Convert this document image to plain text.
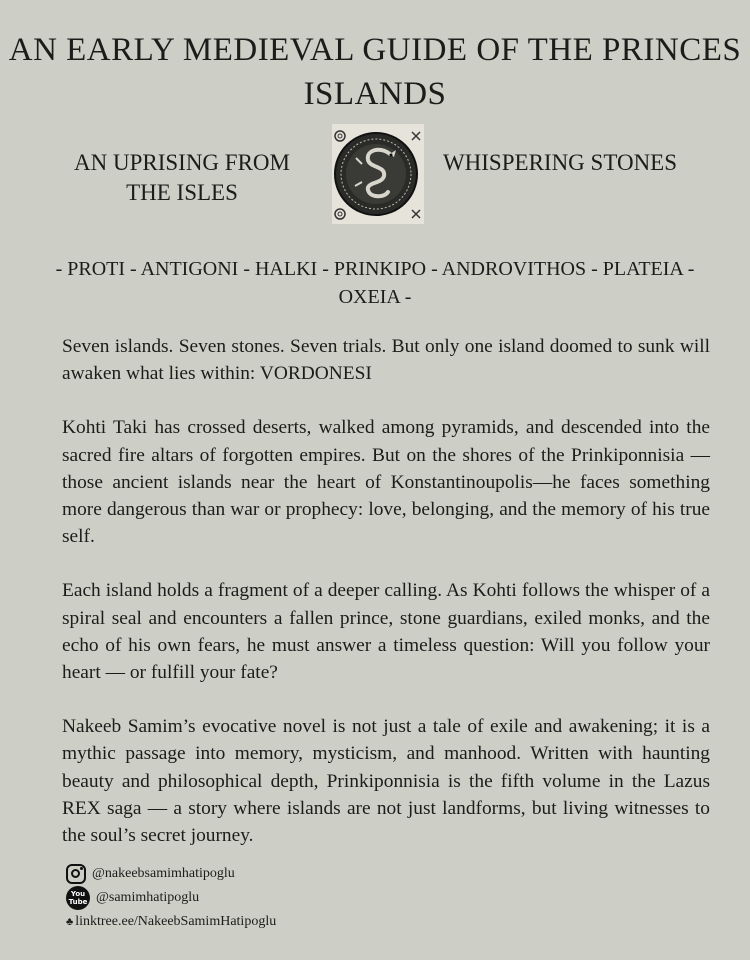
AN EARLY MEDIEVAL GUIDE OF THE PRINCES ISLANDS
AN UPRISING FROM THE ISLES
WHISPERING STONES
- PROTI - ANTIGONI - HALKI - PRINKIPO - ANDROVITHOS - PLATEIA - OXEIA -

Seven islands. Seven stones. Seven trials. But only one island doomed to sunk will awaken what lies within: VORDONESI

Kohti Taki has crossed deserts, walked among pyramids, and descended into the sacred fire altars of forgotten empires. But on the shores of the Prinkiponnisia — those ancient islands near the heart of Konstantinoupolis—he faces something more dangerous than war or prophecy: love, belonging, and the memory of his true self.

Each island holds a fragment of a deeper calling. As Kohti follows the whisper of a spiral seal and encounters a fallen prince, stone guardians, exiled monks, and the echo of his own fears, he must answer a timeless question: Will you follow your heart — or fulfill your fate?

Nakeeb Samim’s evocative novel is not just a tale of exile and awakening; it is a mythic passage into memory, mysticism, and manhood. Written with haunting beauty and philosophical depth, Prinkiponnisia is the fifth volume in the Lazus REX saga — a story where islands are not just landforms, but living witnesses to the soul’s secret journey.

@nakeebsamimhatipoglu
You Tube @samimhatipoglu
♣ linktree.ee/NakeebSamimHatipoglu
